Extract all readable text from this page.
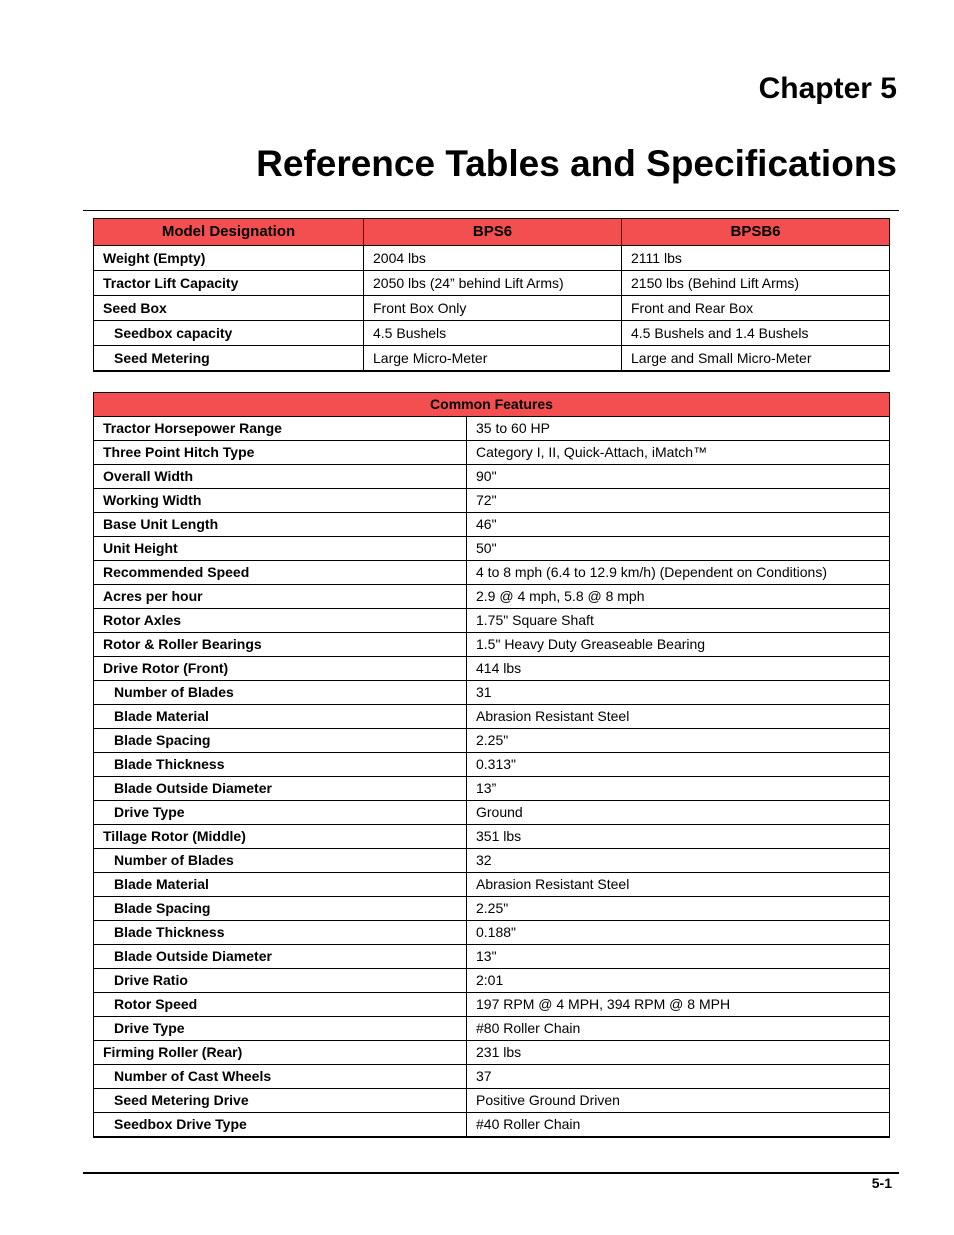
Chapter 5
Reference Tables and Specifications
Model Designation	BPS6	BPSB6
Weight (Empty)	2004 lbs	2111 lbs
Tractor Lift Capacity	2050 lbs (24” behind Lift Arms)	2150 lbs (Behind Lift Arms)
Seed Box	Front Box Only	Front and Rear Box
Seedbox capacity	4.5 Bushels	4.5 Bushels and 1.4 Bushels
Seed Metering	Large Micro-Meter	Large and Small Micro-Meter
Common Features	
Tractor Horsepower Range	35 to 60 HP
Three Point Hitch Type	Category I, II, Quick-Attach, iMatch™
Overall Width	90"
Working Width	72"
Base Unit Length	46"
Unit Height	50"
Recommended Speed	4 to 8 mph (6.4 to 12.9 km/h) (Dependent on Conditions)
Acres per hour	2.9 @ 4 mph, 5.8 @ 8 mph
Rotor Axles	1.75" Square Shaft
Rotor & Roller Bearings	1.5" Heavy Duty Greaseable Bearing
Drive Rotor (Front)	414 lbs
Number of Blades	31
Blade Material	Abrasion Resistant Steel
Blade Spacing	2.25"
Blade Thickness	0.313"
Blade Outside Diameter	13”
Drive Type	Ground
Tillage Rotor (Middle)	351 lbs
Number of Blades	32
Blade Material	Abrasion Resistant Steel
Blade Spacing	2.25"
Blade Thickness	0.188"
Blade Outside Diameter	13"
Drive Ratio	2:01
Rotor Speed	197 RPM @ 4 MPH, 394 RPM @ 8 MPH
Drive Type	#80 Roller Chain
Firming Roller (Rear)	231 lbs
Number of Cast Wheels	37
Seed Metering Drive	Positive Ground Driven
Seedbox Drive Type	#40 Roller Chain
5-1
